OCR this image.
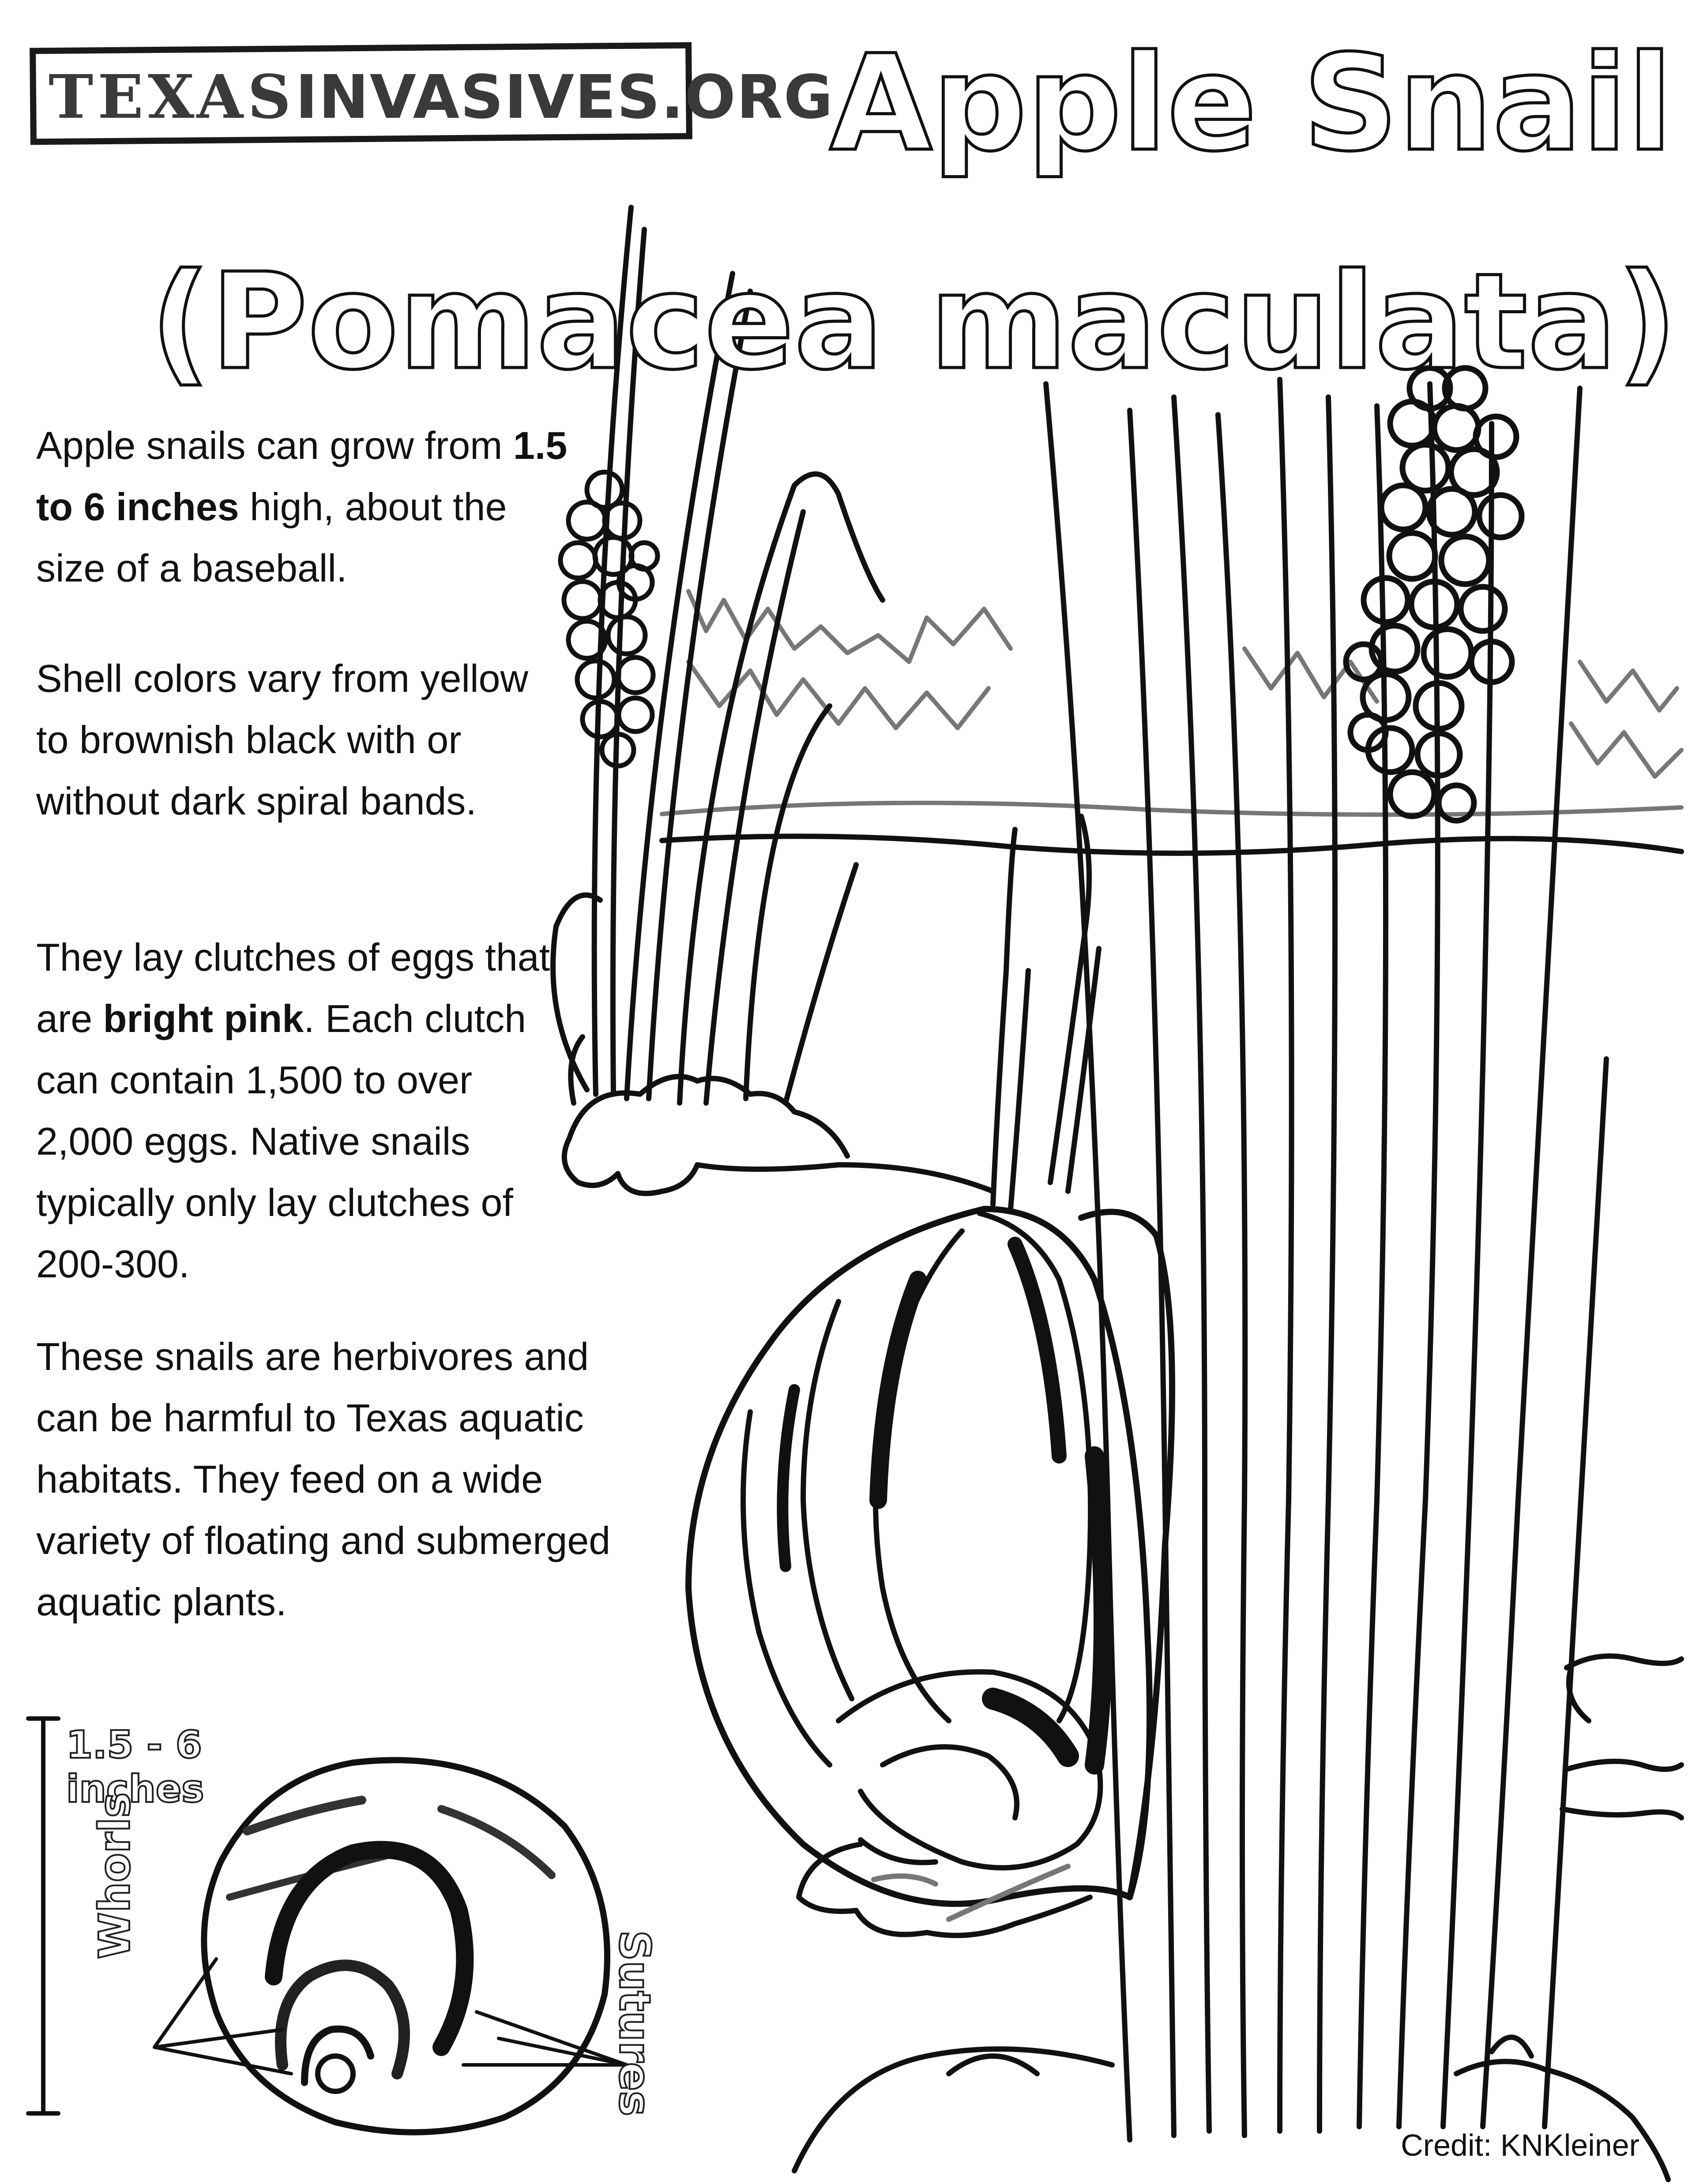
TEXASINVASIVES.ORG
Apple Snail
(Pomacea maculata)
Apple snails can grow from 1.5 to 6 inches high, about the size of a baseball.
Shell colors vary from yellow to brownish black with or without dark spiral bands.
They lay clutches of eggs that are bright pink. Each clutch can contain 1,500 to over 2,000 eggs. Native snails typically only lay clutches of 200-300.
These snails are herbivores and can be harmful to Texas aquatic habitats. They feed on a wide variety of floating and submerged aquatic plants.
1.5 - 6
inches
Whorls
Sutures
Credit: KNKleiner
